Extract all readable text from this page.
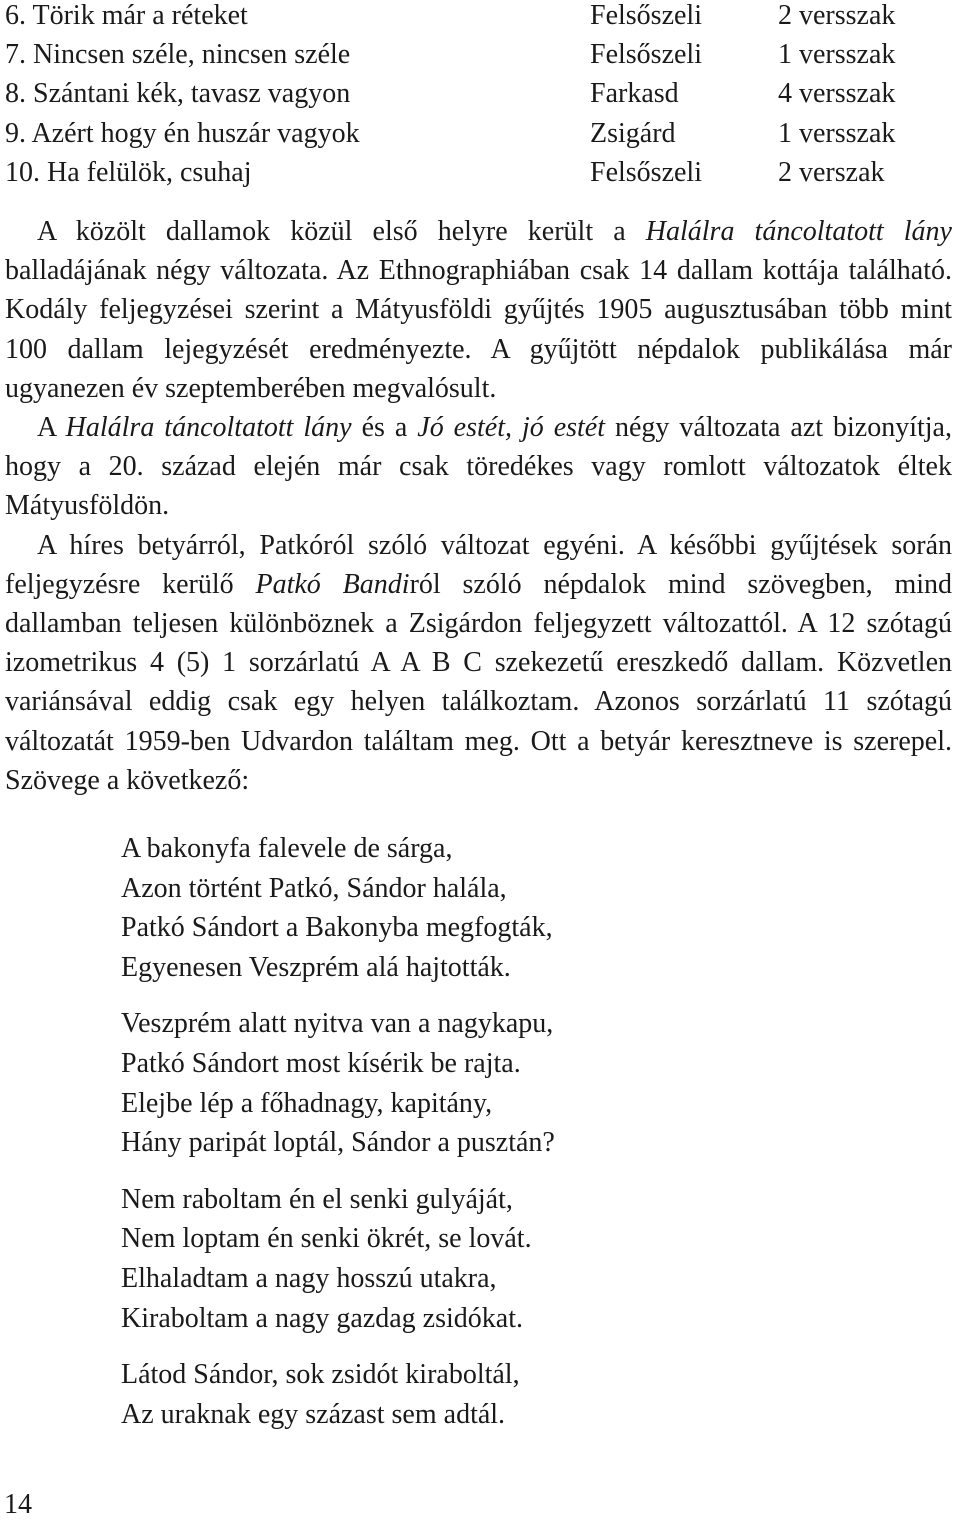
6. Törik már a réteket	Felsőszeli	2 versszak
7. Nincsen széle, nincsen széle	Felsőszeli	1 versszak
8. Szántani kék, tavasz vagyon	Farkasd	4 versszak
9. Azért hogy én huszár vagyok	Zsigárd	1 versszak
10. Ha felülök, csuhaj	Felsőszeli	2 verszak

A közölt dallamok közül első helyre került a Halálra táncoltatott lány balladájának négy változata. Az Ethnographiában csak 14 dallam kottája található. Kodály feljegyzései szerint a Mátyusföldi gyűjtés 1905 augusztusában több mint 100 dallam lejegyzését eredményezte. A gyűjtött népdalok publikálása már ugyanezen év szeptemberében megvalósult.

A Halálra táncoltatott lány és a Jó estét, jó estét négy változata azt bizonyítja, hogy a 20. század elején már csak töredékes vagy romlott változatok éltek Mátyusföldön.

A híres betyárról, Patkóról szóló változat egyéni. A későbbi gyűjtések során feljegyzésre kerülő Patkó Bandiról szóló népdalok mind szövegben, mind dallamban teljesen különböznek a Zsigárdon feljegyzett változattól. A 12 szótagú izometrikus 4 (5) 1 sorzárlatú A A B C szekezetű ereszkedő dallam. Közvetlen variánsával eddig csak egy helyen találkoztam. Azonos sorzárlatú 11 szótagú változatát 1959-ben Udvardon találtam meg. Ott a betyár keresztneve is szerepel. Szövege a következő:

A bakonyfa falevele de sárga,
Azon történt Patkó, Sándor halála,
Patkó Sándort a Bakonyba megfogták,
Egyenesen Veszprém alá hajtották.
Veszprém alatt nyitva van a nagykapu,
Patkó Sándort most kísérik be rajta.
Elejbe lép a főhadnagy, kapitány,
Hány paripát loptál, Sándor a pusztán?
Nem raboltam én el senki gulyáját,
Nem loptam én senki ökrét, se lovát.
Elhaladtam a nagy hosszú utakra,
Kiraboltam a nagy gazdag zsidókat.
Látod Sándor, sok zsidót kiraboltál,
Az uraknak egy százast sem adtál.
14
